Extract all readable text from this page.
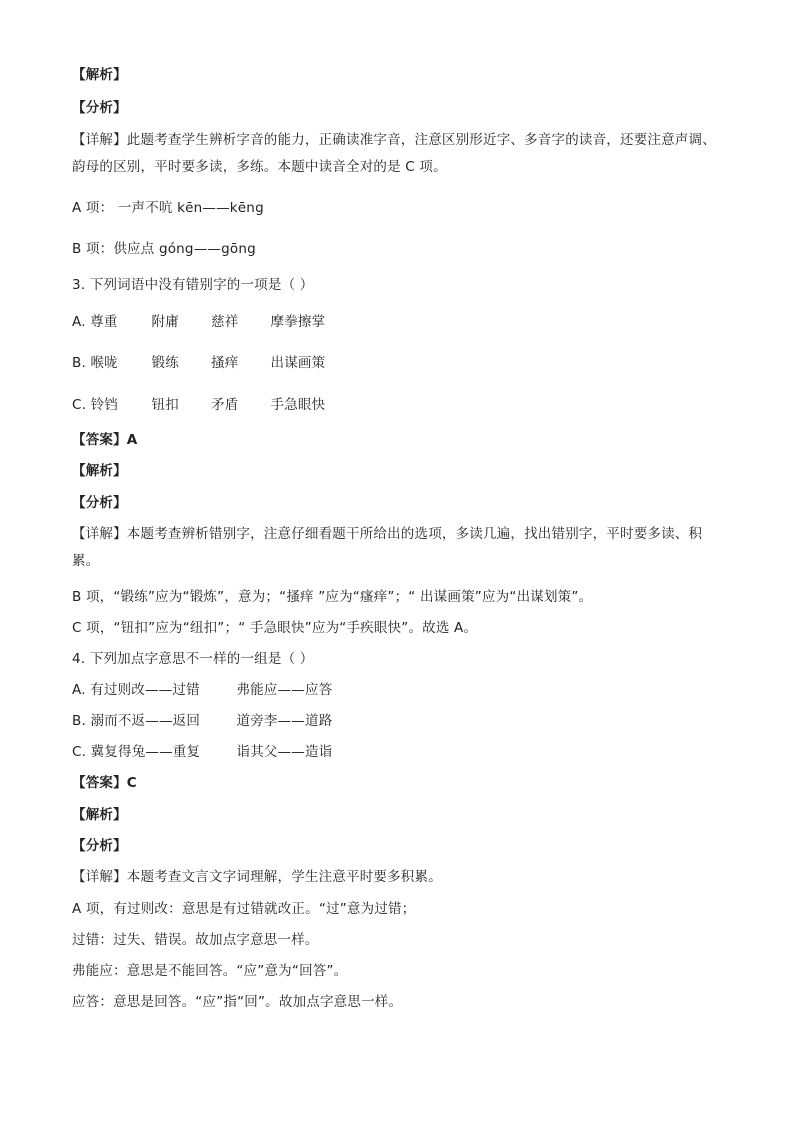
【解析】
【分析】
【详解】此题考查学生辨析字音的能力，正确读准字音，注意区别形近字、多音字的读音，还要注意声调、韵母的区别，平时要多读，多练。本题中读音全对的是 C 项。
A 项： 一声不吭 kēn——kēng
B 项：供应点 góng——gōng
3. 下列词语中没有错别字的一项是（ ）
A. 尊重	附庸 慈祥 摩拳擦掌
B. 喉咙 锻练 搔痒 出谋画策
C. 铃铛 钮扣 矛盾 手急眼快
【答案】A
【解析】
【分析】
【详解】本题考查辨析错别字，注意仔细看题干所给出的选项，多读几遍，找出错别字，平时要多读、积累。
B 项，“锻练”应为“锻炼”，意为；“搔痒 ”应为“瘙痒”；“ 出谋画策”应为“出谋划策”。
C 项，“钮扣”应为“纽扣”；“ 手急眼快”应为“手疾眼快”。故选 A。
4. 下列加点字意思不一样的一组是（ ）
A. 有过则改——过错	弗能应——应答
B. 溺而不返——返回	道旁李——道路
C. 冀复得兔——重复	诣其父——造诣
【答案】C
【解析】
【分析】
【详解】本题考查文言文字词理解，学生注意平时要多积累。
A 项，有过则改：意思是有过错就改正。“过”意为过错；
过错：过失、错误。故加点字意思一样。
弗能应：意思是不能回答。“应”意为“回答”。
应答：意思是回答。“应”指“回”。故加点字意思一样。
